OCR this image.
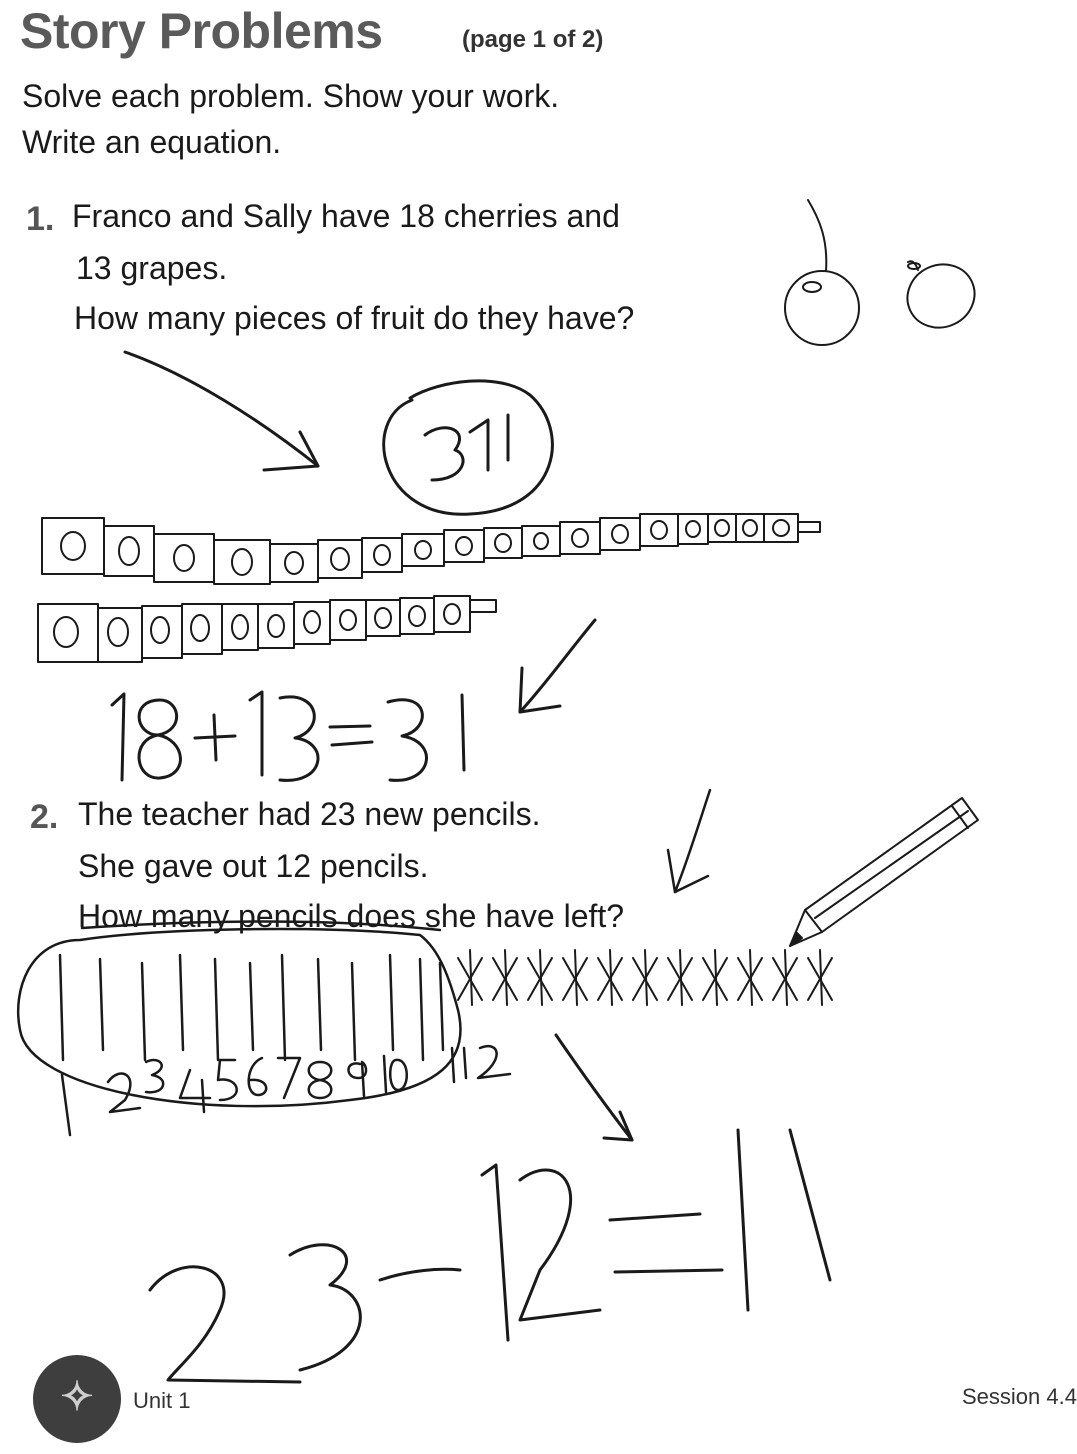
Story Problems	(page 1 of 2)
Solve each problem. Show your work.
Write an equation.
1. Franco and Sally have 18 cherries and
13 grapes.
How many pieces of fruit do they have?
2. The teacher had 23 new pencils.
She gave out 12 pencils.
How many pencils does she have left?
✧ Unit 1	Session 4.4
